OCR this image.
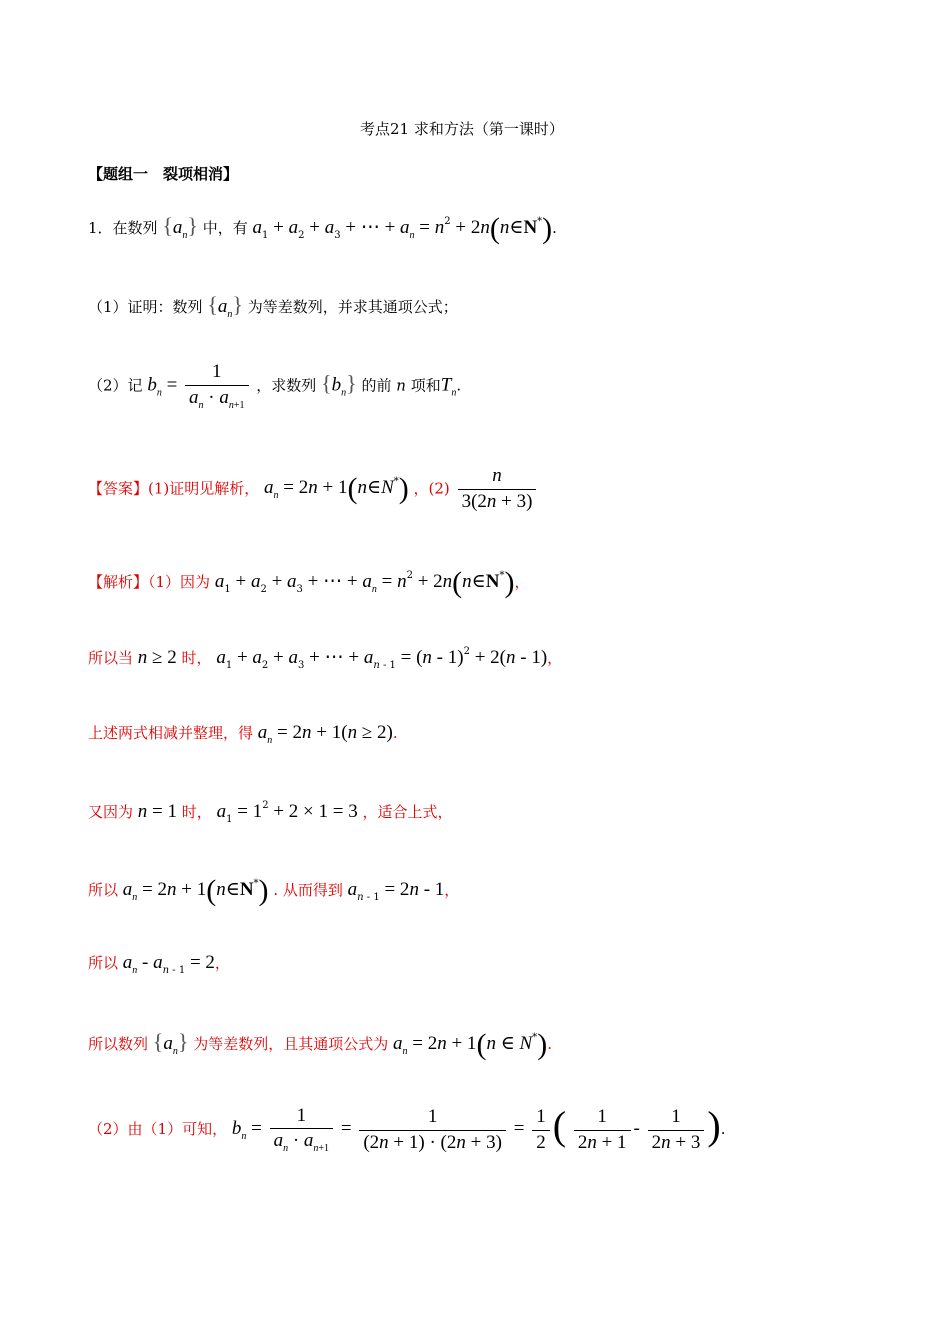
考点21 求和方法（第一课时）
【题组一　裂项相消】
1．在数列 $\{a_n\}$ 中，有 $a_1 + a_2 + a_3$ + ⋯ + $a_n = n^2$ + 2n(n∈N*).
（1）证明：数列 $\{a_n\}$ 为等差数列，并求其通项公式；
（2）记 $b_n = \frac{1}{a_n \cdot a_{n+1}}$ ，求数列 $\{b_n\}$ 的前 n 项和$T_n$.
【答案】(1)证明见解析， $a_n = 2n$ + 1(n∈N*) ，$(2) \frac{n}{3(2n + 3)}$
【解析】（1）因为 $a_1 + a_2 + a_3$ + ⋯ + $a_n = n^2$ + 2n(n∈N*)，
所以当 n ≥ 2 时， $a_1 + a_2 + a_3$ + ⋯ + $a_{n - 1} = (n - 1)^2 + 2(n - 1)$，
上述两式相减并整理，得 $a_n = 2n + 1(n \ge 2)$.
又因为 n = 1 时， $a_1 = 1^2 + 2 \times 1 = 3$ ，适合上式，
所以 $a_n = 2n$ + 1(n∈N*) . 从而得到 $a_{n - 1} = 2n - 1$，
所以 $a_n - a_{n - 1} = 2$，
所以数列 $\{a_n\}$ 为等差数列，且其通项公式为 $a_n = 2n + 1(n$ ∈ N*).
（2）由（1）可知， $b_n = \frac{1}{a_n \cdot a_{n+1}} = \frac{1}{(2n + 1) \cdot (2n + 3)} = \frac{1}{2}$ ( $\frac{1}{2n + 1} - \frac{1}{2n + 3}$ ).
